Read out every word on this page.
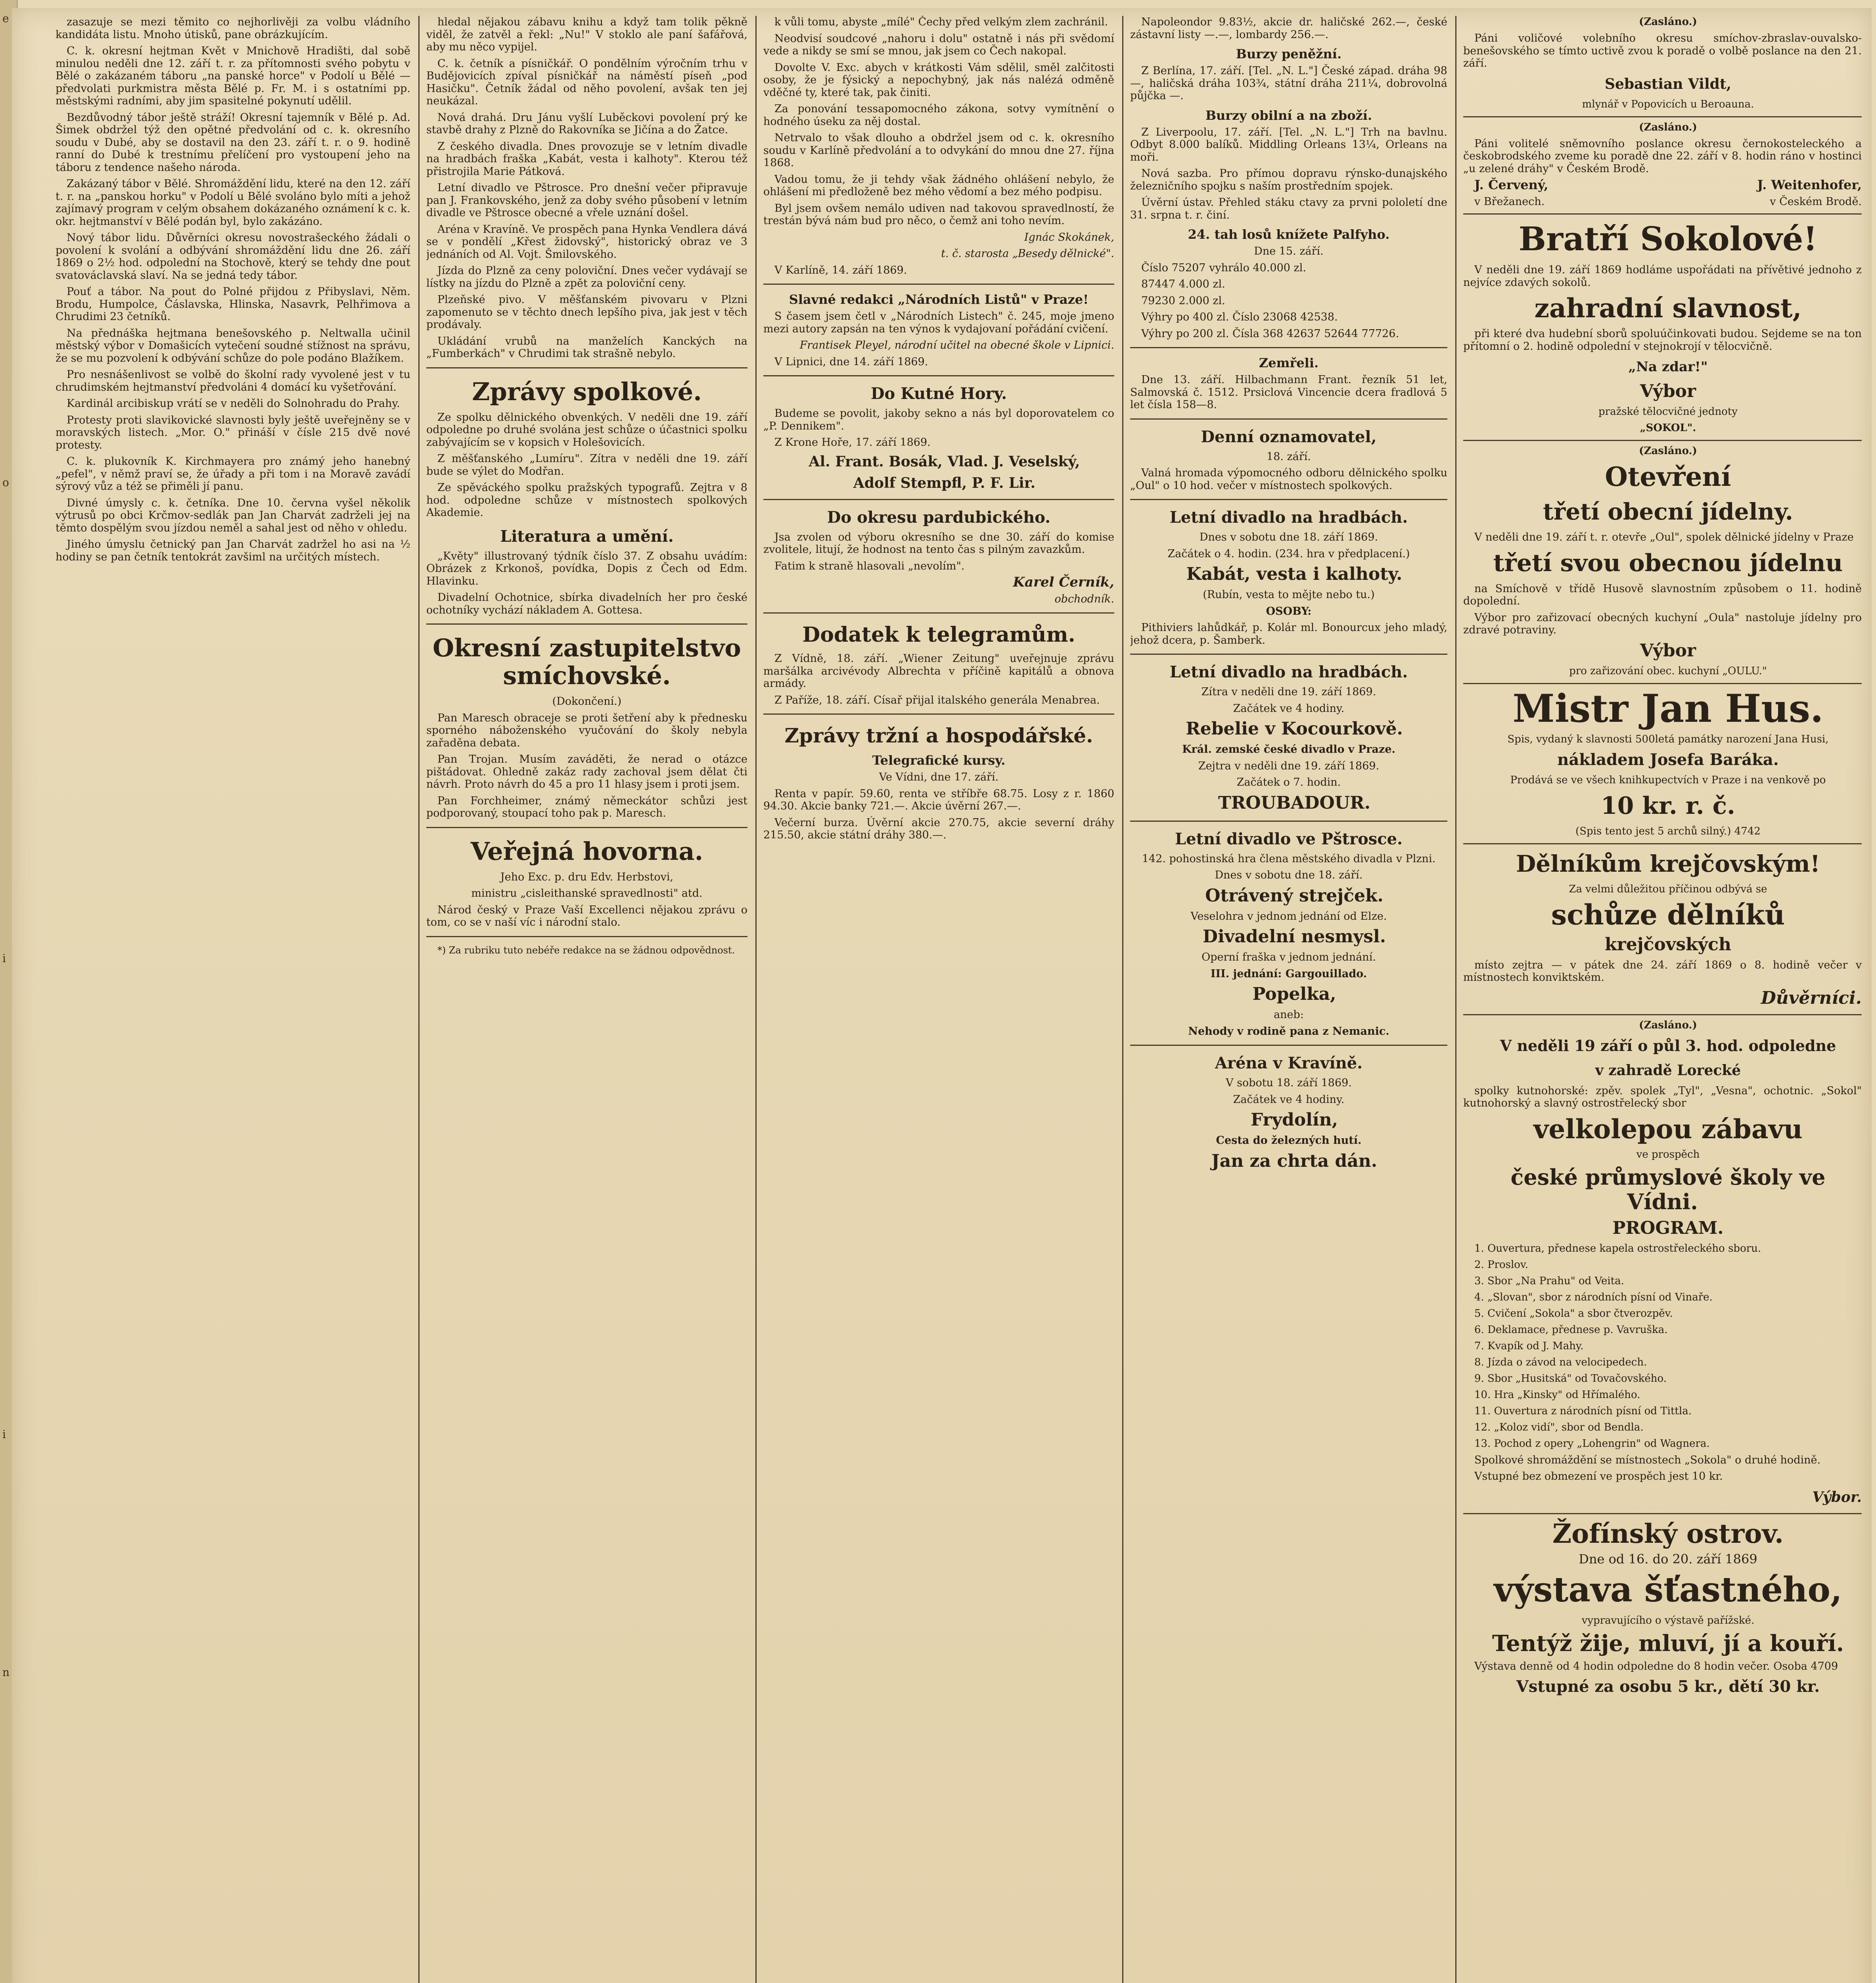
e
o
i
i
n

zasazuje se mezi těmito co nejhorlivěji za volbu vládního kandidáta listu. Mnoho útisků, pane obrázkujícím.

C. k. okresní hejtman Květ v Mnichově Hradišti, dal sobě minulou neděli dne 12. září t. r. za přítomnosti svého pobytu v Bělé o zakázaném táboru „na panské horce" v Podolí u Bělé — předvolati purkmistra města Bělé p. Fr. M. i s ostatními pp. městskými radními, aby jim spasitelné pokynutí udělil.

Bezdůvodný tábor ještě stráží! Okresní tajemník v Bělé p. Ad. Šimek obdržel týž den opětné předvolání od c. k. okresního soudu v Dubé, aby se dostavil na den 23. září t. r. o 9. hodině ranní do Dubé k trestnímu přelíčení pro vystoupení jeho na táboru z tendence našeho národa.

Zakázaný tábor v Bělé. Shromáždění lidu, které na den 12. září t. r. na „panskou horku" v Podolí u Bělé svoláno bylo míti a jehož zajímavý program v celým obsahem dokázaného oznámení k c. k. okr. hejtmanství v Bělé podán byl, bylo zakázáno.

Nový tábor lidu. Důvěrníci okresu novostrašeckého žádali o povolení k svolání a odbývání shromáždění lidu dne 26. září 1869 o 2½ hod. odpolední na Stochově, který se tehdy dne pout svatováclavská slaví. Na se jedná tedy tábor.

Pouť a tábor. Na pout do Polné přijdou z Přibyslavi, Něm. Brodu, Humpolce, Čáslavska, Hlinska, Nasavrk, Pelhřimova a Chrudimi 23 četníků.

Na přednáška hejtmana benešovského p. Neltwalla učinil městský výbor v Domašicích vytečení soudné stížnost na správu, že se mu pozvolení k odbývání schůze do pole podáno Blažíkem.

Pro nesnášenlivost se volbě do školní rady vyvolené jest v tu chrudimském hejtmanství předvoláni 4 domácí ku vyšetřování.

Kardinál arcibiskup vrátí se v neděli do Solnohradu do Prahy.

Protesty proti slavikovické slavnosti byly ještě uveřejněny se v moravských listech. „Mor. O." přináší v čísle 215 dvě nové protesty.

C. k. plukovník K. Kirchmayera pro známý jeho hanebný „pefel", v němž praví se, že úřady a při tom i na Moravě zavádí sýrový vůz a též se přiměli jí panu.

Divné úmysly c. k. četníka. Dne 10. června vyšel několik výtrusů po obci Krčmov-sedlák pan Jan Charvát zadrželi jej na těmto dospělým svou jízdou neměl a sahal jest od něho v ohledu.

Jiného úmyslu četnický pan Jan Charvát zadržel ho asi na ½ hodiny se pan četník tentokrát zavšiml na určitých místech.

hledal nějakou zábavu knihu a když tam tolik pěkně viděl, že zatvěl a řekl: „Nu!" V stoklo ale paní šafářová, aby mu něco vypijel.

C. k. četník a písničkář. O pondělním výročním trhu v Budějovicích zpíval písničkář na náměstí píseň „pod Hasičku". Četník žádal od něho povolení, avšak ten jej neukázal.

Nová drahá. Dru Jánu vyšlí Luběckovi povolení prý ke stavbě drahy z Plzně do Rakovníka se Jičína a do Žatce.

Z českého divadla. Dnes provozuje se v letním divadle na hradbách fraška „Kabát, vesta i kalhoty". Kterou též přistrojila Marie Pátková.

Letní divadlo ve Pštrosce. Pro dnešní večer připravuje pan J. Frankovského, jenž za doby svého působení v letním divadle ve Pštrosce obecné a vřele uznání došel.

Aréna v Kravíně. Ve prospěch pana Hynka Vendlera dává se v pondělí „Křest židovský", historický obraz ve 3 jednáních od Al. Vojt. Šmilovského.

Jízda do Plzně za ceny poloviční. Dnes večer vydávají se lístky na jízdu do Plzně a zpět za poloviční ceny.

Plzeňské pivo. V měšťanském pivovaru v Plzni zapomenuto se v těchto dnech lepšího piva, jak jest v těch prodávaly.

Ukládání vrubů na manželích Kanckých na „Fumberkách" v Chrudimi tak strašně nebylo.

Zprávy spolkové.

Ze spolku dělnického obvenkých. V neděli dne 19. září odpoledne po druhé svolána jest schůze o účastnici spolku zabývajícím se v kopsich v Holešovicích.

Z měšťanského „Lumíru". Zítra v neděli dne 19. září bude se výlet do Modřan.

Ze spěváckého spolku pražských typografů. Zejtra v 8 hod. odpoledne schůze v místnostech spolkových Akademie.

Literatura a umění.

„Květy" illustrovaný týdník číslo 37. Z obsahu uvádím: Obrázek z Krkonoš, povídka, Dopis z Čech od Edm. Hlavinku.

Divadelní Ochotnice, sbírka divadelních her pro české ochotníky vychází nákladem A. Gottesa.

Okresní zastupitelstvo smíchovské.

(Dokončení.)

Pan Maresch obraceje se proti šetření aby k přednesku sporného náboženského vyučování do školy nebyla zařaděna debata.

Pan Trojan. Musím zaváděti, že nerad o otázce pištádovat. Ohledně zakáz rady zachoval jsem dělat čti návrh. Proto návrh do 45 a pro 11 hlasy jsem i proti jsem.

Pan Forchheimer, známý německátor schůzi jest podporovaný, stoupací toho pak p. Maresch.

Veřejná hovorna.

Jeho Exc. p. dru Edv. Herbstovi,

ministru „cisleithanské spravedlnosti" atd.

Národ český v Praze Vaší Excellenci nějakou zprávu o tom, co se v naší víc i národní stalo.

*) Za rubriku tuto nebéře redakce na se žádnou odpovědnost.

k vůli tomu, abyste „mílé" Čechy před velkým zlem zachránil.

Neodvisí soudcové „nahoru i dolu" ostatně i nás při svědomí vede a nikdy se smí se mnou, jak jsem co Čech nakopal.

Dovolte V. Exc. abych v krátkosti Vám sdělil, směl zalčitosti osoby, že je fýsický a nepochybný, jak nás nalézá odměně vděčné ty, které tak, pak činiti.

Za ponování tessapomocného zákona, sotvy vymítnění o hodného úseku za něj dostal.

Netrvalo to však dlouho a obdržel jsem od c. k. okresního soudu v Karlíně předvolání a to odvykání do mnou dne 27. října 1868.

Vadou tomu, že ji tehdy však žádného ohlášení nebylo, že ohlášení mi předloženě bez mého vědomí a bez mého podpisu.

Byl jsem ovšem nemálo udiven nad takovou spravedlností, že trestán bývá nám bud pro něco, o čemž ani toho nevím.

Ignác Skokánek,

t. č. starosta „Besedy dělnické".

V Karlíně, 14. září 1869.

Slavné redakci „Národních Listů" v Praze!

S časem jsem četl v „Národních Listech" č. 245, moje jmeno mezi autory zapsán na ten výnos k vydajovaní pořádání cvičení.

Frantisek Pleyel, národní učitel na obecné škole v Lipnici.

V Lipnici, dne 14. září 1869.

Do Kutné Hory.

Budeme se povolit, jakoby sekno a nás byl doporovatelem co „P. Dennikem".

Z Krone Hoře, 17. září 1869.

Al. Frant. Bosák, Vlad. J. Veselský,

Adolf Stempfl, P. F. Lir.

Do okresu pardubického.

Jsa zvolen od výboru okresního se dne 30. září do komise zvolitele, litují, že hodnost na tento čas s pilným zavazkům.

Fatim k straně hlasovali „nevolím".

Karel Černík,

obchodník.

Dodatek k telegramům.

Z Vídně, 18. září. „Wiener Zeitung" uveřejnuje zprávu maršálka arcivévody Albrechta v příčině kapitálů a obnova armády.

Z Paříže, 18. září. Císař přijal italského generála Menabrea.

Zprávy tržní a hospodářské.
Telegrafické kursy.

Ve Vídni, dne 17. září.

Renta v papír. 59.60, renta ve stříbře 68.75. Losy z r. 1860 94.30. Akcie banky 721.—. Akcie úvěrní 267.—.

Večerní burza. Úvěrní akcie 270.75, akcie severní dráhy 215.50, akcie státní dráhy 380.—.

Napoleondor 9.83½, akcie dr. haličské 262.—, české zástavní listy —.—, lombardy 256.—.

Burzy peněžní.

Z Berlína, 17. září. [Tel. „N. L."] České západ. dráha 98—, haličská dráha 103¾, státní dráha 211¼, dobrovolná půjčka —.

Burzy obilní a na zboží.

Z Liverpoolu, 17. září. [Tel. „N. L."] Trh na bavlnu. Odbyt 8.000 balíků. Middling Orleans 13¼, Orleans na moři.

Nová sazba. Pro přímou dopravu rýnsko-dunajského železničního spojku s naším prostředním spojek.

Úvěrní ústav. Přehled stáku ctavy za prvni pololetí dne 31. srpna t. r. činí.

24. tah losů knížete Palfyho.

Dne 15. září.

Číslo 75207 vyhrálo 40.000 zl.

87447 4.000 zl.

79230 2.000 zl.

Výhry po 400 zl. Číslo 23068 42538.

Výhry po 200 zl. Čísla 368 42637 52644 77726.

Zemřeli.

Dne 13. září. Hilbachmann Frant. řezník 51 let, Salmovská č. 1512. Prsiclová Vincencie dcera fradlová 5 let čísla 158—8.

Denní oznamovatel,

18. září.

Valná hromada výpomocného odboru dělnického spolku „Oul" o 10 hod. večer v místnostech spolkových.

Letní divadlo na hradbách.

Dnes v sobotu dne 18. září 1869.

Začátek o 4. hodin. (234. hra v předplacení.)

Kabát, vesta i kalhoty.

(Rubín, vesta to mějte nebo tu.)

OSOBY:

Pithiviers lahůdkář, p. Kolár ml. Bonourcux jeho mladý, jehož dcera, p. Šamberk.

Letní divadlo na hradbách.

Zítra v neděli dne 19. září 1869.

Začátek ve 4 hodiny.

Rebelie v Kocourkově.

Král. zemské české divadlo v Praze.

Zejtra v neděli dne 19. září 1869.

Začátek o 7. hodin.

TROUBADOUR.

Letní divadlo ve Pštrosce.

142. pohostinská hra člena městského divadla v Plzni.

Dnes v sobotu dne 18. září.

Otrávený strejček.

Veselohra v jednom jednání od Elze.

Divadelní nesmysl.

Operní fraška v jednom jednání.

III. jednání: Gargouillado.

Popelka,

aneb:

Nehody v rodině pana z Nemanic.

Aréna v Kravíně.

V sobotu 18. září 1869.

Začátek ve 4 hodiny.

Frydolín,

Cesta do železných hutí.

Jan za chrta dán.

(Zasláno.)

Páni voličové volebního okresu smíchov-zbraslav-ouvalsko-benešovského se tímto uctivě zvou k poradě o volbě poslance na den 21. září.

Sebastian Vildt,

mlynář v Popovicích u Beroauna.

(Zasláno.)

Páni volitelé sněmovního poslance okresu černokosteleckého a českobrodského zveme ku poradě dne 22. září v 8. hodin ráno v hostinci „u zelené dráhy" v Českém Brodě.

J. Červený,	J. Weitenhofer,

v Břežanech.	v Českém Brodě.

Bratří Sokolové!

V neděli dne 19. září 1869 hodláme uspořádati na přívětivé jednoho z nejvíce zdavých sokolů.

zahradní slavnost,

při které dva hudební sborů spoluúčinkovati budou. Sejdeme se na ton přítomní o 2. hodině odpolední v stejnokrojí v tělocvičně.

„Na zdar!"

Výbor

pražské tělocvičné jednoty

„SOKOL".

(Zasláno.)

Otevření

třetí obecní jídelny.

V neděli dne 19. září t. r. otevře „Oul", spolek dělnické jídelny v Praze

třetí svou obecnou jídelnu

na Smíchově v třídě Husově slavnostním způsobem o 11. hodině dopolední.

Výbor pro zařizovací obecných kuchyní „Oula" nastoluje jídelny pro zdravé potraviny.

Výbor

pro zařizování obec. kuchyní „OULU."

Mistr Jan Hus.

Spis, vydaný k slavnosti 500letá památky narození Jana Husi,

nákladem Josefa Baráka.

Prodává se ve všech knihkupectvích v Praze i na venkově po

10 kr. r. č.

(Spis tento jest 5 archů silný.) 4742

Dělníkům krejčovským!

Za velmi důležitou příčinou odbývá se

schůze dělníků

krejčovských

místo zejtra — v pátek dne 24. září 1869 o 8. hodině večer v místnostech konviktském.

Důvěrníci.

(Zasláno.)

V neděli 19 září o půl 3. hod. odpoledne

v zahradě Lorecké

spolky kutnohorské: zpěv. spolek „Tyl", „Vesna", ochotnic. „Sokol" kutnohorský a slavný ostrostřelecký sbor

velkolepou zábavu

ve prospěch

české průmyslové školy ve Vídni.

PROGRAM.

1. Ouvertura, přednese kapela ostrostřeleckého sboru.

2. Proslov.

3. Sbor „Na Prahu" od Veita.

4. „Slovan", sbor z národních písní od Vinaře.

5. Cvičení „Sokola" a sbor čtverozpěv.

6. Deklamace, přednese p. Vavruška.

7. Kvapík od J. Mahy.

8. Jízda o závod na velocipedech.

9. Sbor „Husitská" od Tovačovského.

10. Hra „Kinsky" od Hřímalého.

11. Ouvertura z národních písní od Tittla.

12. „Koloz vidí", sbor od Bendla.

13. Pochod z opery „Lohengrin" od Wagnera.

Spolkové shromáždění se místnostech „Sokola" o druhé hodině.

Vstupné bez obmezení ve prospěch jest 10 kr.

Výbor.

Žofínský ostrov.

Dne od 16. do 20. září 1869

výstava šťastného,

vypravujícího o výstavě pařížské.

Tentýž žije, mluví, jí a kouří.

Výstava denně od 4 hodin odpoledne do 8 hodin večer. Osoba 4709

Vstupné za osobu 5 kr., dětí 30 kr.
